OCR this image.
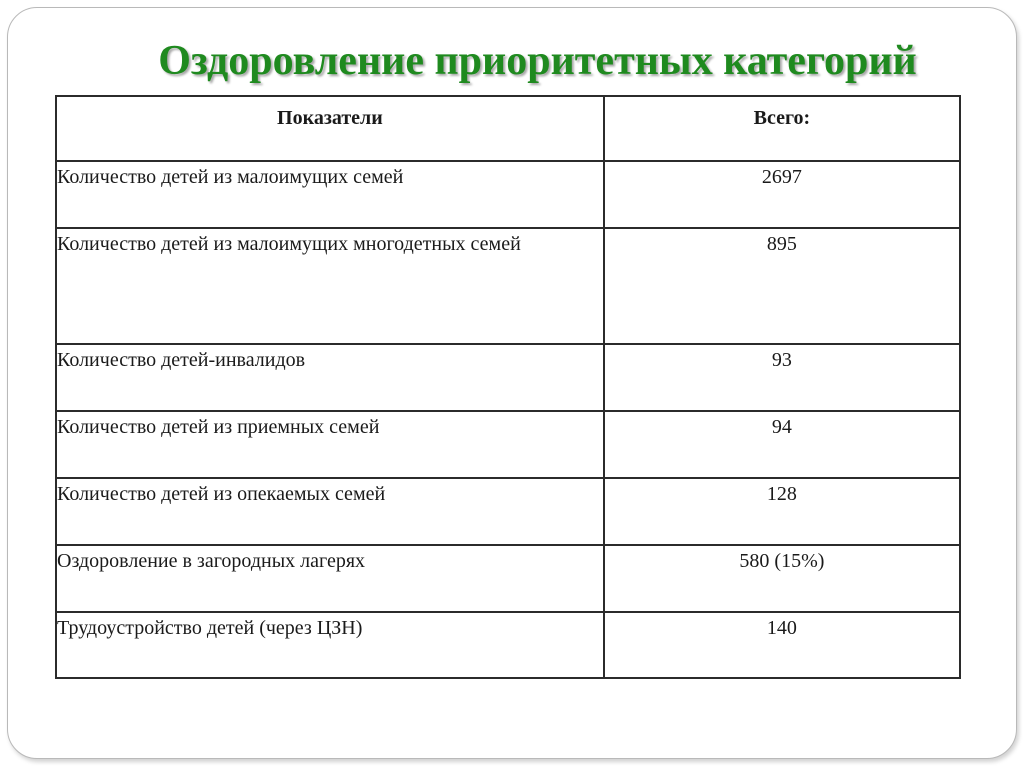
Оздоровление приоритетных категорий
Показатели	Всего:
Количество детей из малоимущих семей	2697
Количество детей из малоимущих многодетных семей	895
Количество детей-инвалидов	93
Количество детей из приемных семей	94
Количество детей из опекаемых семей	128
Оздоровление в загородных лагерях	580 (15%)
Трудоустройство детей (через ЦЗН)	140
